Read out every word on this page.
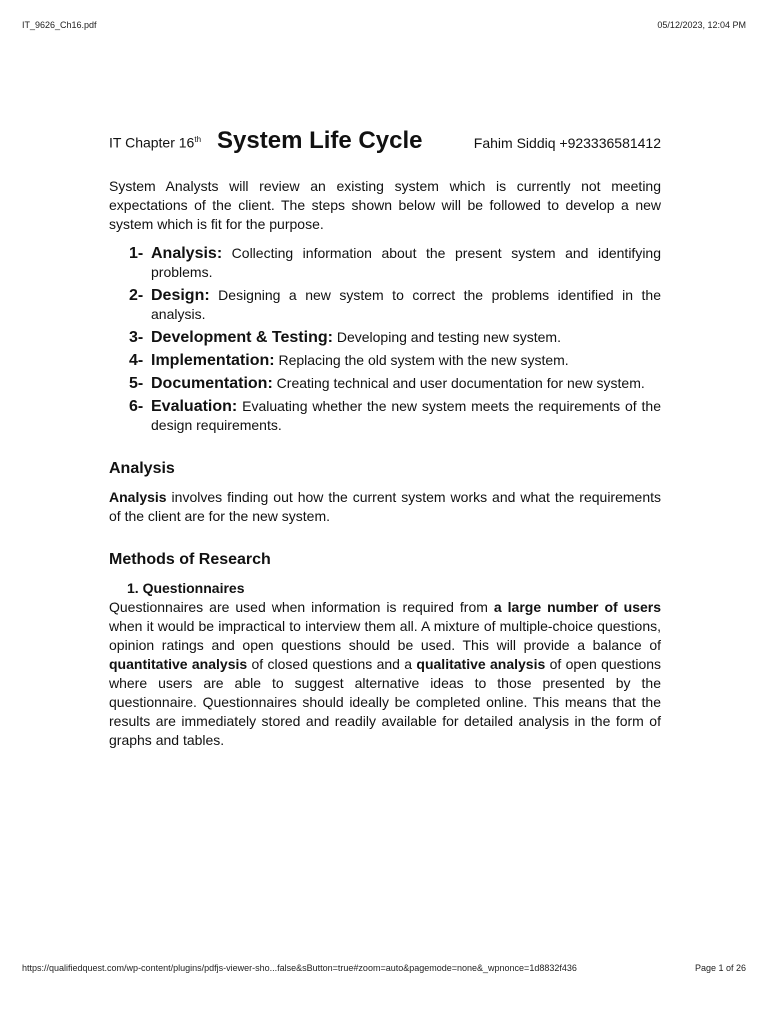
IT_9626_Ch16.pdf	05/12/2023, 12:04 PM
IT Chapter 16th System Life Cycle	Fahim Siddiq +923336581412

System Analysts will review an existing system which is currently not meeting expectations of the client. The steps shown below will be followed to develop a new system which is fit for the purpose.

1- Analysis: Collecting information about the present system and identifying problems.
2- Design: Designing a new system to correct the problems identified in the analysis.
3- Development & Testing: Developing and testing new system.
4- Implementation: Replacing the old system with the new system.
5- Documentation: Creating technical and user documentation for new system.
6- Evaluation: Evaluating whether the new system meets the requirements of the design requirements.
Analysis

Analysis involves finding out how the current system works and what the requirements of the client are for the new system.

Methods of Research
1. Questionnaires

Questionnaires are used when information is required from a large number of users when it would be impractical to interview them all. A mixture of multiple-choice questions, opinion ratings and open questions should be used. This will provide a balance of quantitative analysis of closed questions and a qualitative analysis of open questions where users are able to suggest alternative ideas to those presented by the questionnaire. Questionnaires should ideally be completed online. This means that the results are immediately stored and readily available for detailed analysis in the form of graphs and tables.

https://qualifiedquest.com/wp-content/plugins/pdfjs-viewer-sho...false&sButton=true#zoom=auto&pagemode=none&_wpnonce=1d8832f436	Page 1 of 26
